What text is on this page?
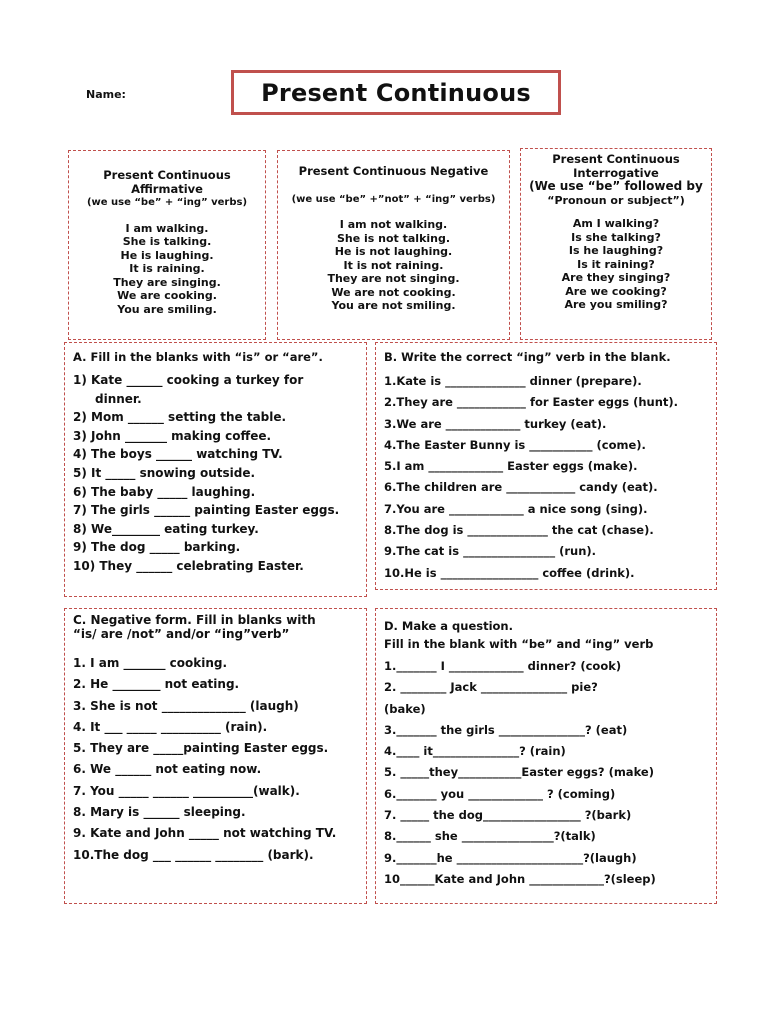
Name:	Present Continuous
Present Continuous
Affirmative
(we use “be” + “ing” verbs)
I am walking.
She is talking.
He is laughing.
It is raining.
They are singing.
We are cooking.
You are smiling.
Present Continuous Negative
(we use “be” +”not” + “ing” verbs)
I am not walking.
She is not talking.
He is not laughing.
It is not raining.
They are not singing.
We are not cooking.
You are not smiling.
Present Continuous
Interrogative
(We use “be” followed by
“Pronoun or subject”)
Am I walking?
Is she talking?
Is he laughing?
Is it raining?
Are they singing?
Are we cooking?
Are you smiling?
A. Fill in the blanks with “is” or “are”.
1) Kate ______ cooking a turkey for
dinner.
2) Mom ______ setting the table.
3) John _______ making coffee.
4) The boys ______ watching TV.
5) It _____ snowing outside.
6) The baby _____ laughing.
7) The girls ______ painting Easter eggs.
8) We________ eating turkey.
9) The dog _____ barking.
10) They ______ celebrating Easter.
B. Write the correct “ing” verb in the blank.
1.Kate is ______________ dinner (prepare).
2.They are ____________ for Easter eggs (hunt).
3.We are _____________ turkey (eat).
4.The Easter Bunny is ___________ (come).
5.I am _____________ Easter eggs (make).
6.The children are ____________ candy (eat).
7.You are _____________ a nice song (sing).
8.The dog is ______________ the cat (chase).
9.The cat is ________________ (run).
10.He is _________________ coffee (drink).
C. Negative form. Fill in blanks with
“is/ are /not” and/or “ing”verb”
1. I am _______ cooking.
2. He ________ not eating.
3. She is not ______________ (laugh)
4. It ___ _____ __________ (rain).
5. They are _____painting Easter eggs.
6. We ______ not eating now.
7. You _____ ______ __________(walk).
8. Mary is ______ sleeping.
9. Kate and John _____ not watching TV.
10.The dog ___ ______ ________ (bark).
D. Make a question.
Fill in the blank with “be” and “ing” verb
1._______ I _____________ dinner? (cook)
2. ________ Jack _______________ pie?
(bake)
3._______ the girls _______________? (eat)
4.____ it_______________? (rain)
5. _____they___________Easter eggs? (make)
6._______ you _____________ ? (coming)
7. _____ the dog_________________ ?(bark)
8.______ she ________________?(talk)
9._______he ______________________?(laugh)
10______Kate and John _____________?(sleep)
